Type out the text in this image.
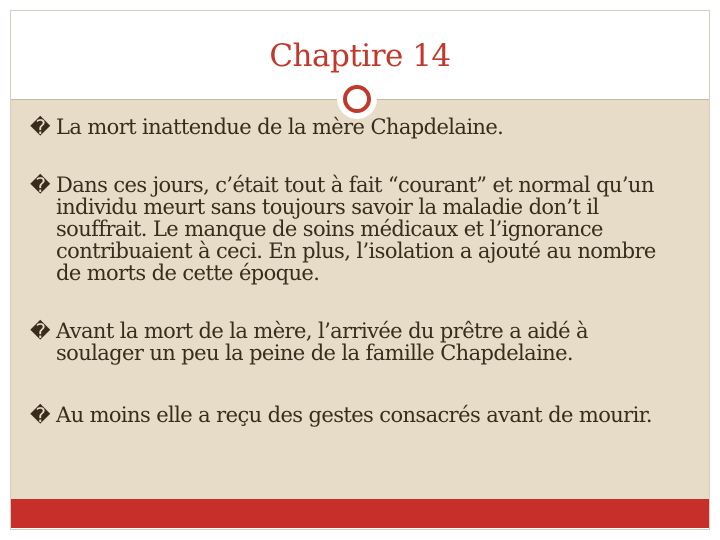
Chaptire 14
� La mort inattendue de la mère Chapdelaine.
� Dans ces jours, c’était tout à fait “courant” et normal qu’un individu meurt sans toujours savoir la maladie don’t il souffrait. Le manque de soins médicaux et l’ignorance contribuaient à ceci. En plus, l’isolation a ajouté au nombre de morts de cette époque.
� Avant la mort de la mère, l’arrivée du prêtre a aidé à soulager un peu la peine de la famille Chapdelaine.
� Au moins elle a reçu des gestes consacrés avant de mourir.
